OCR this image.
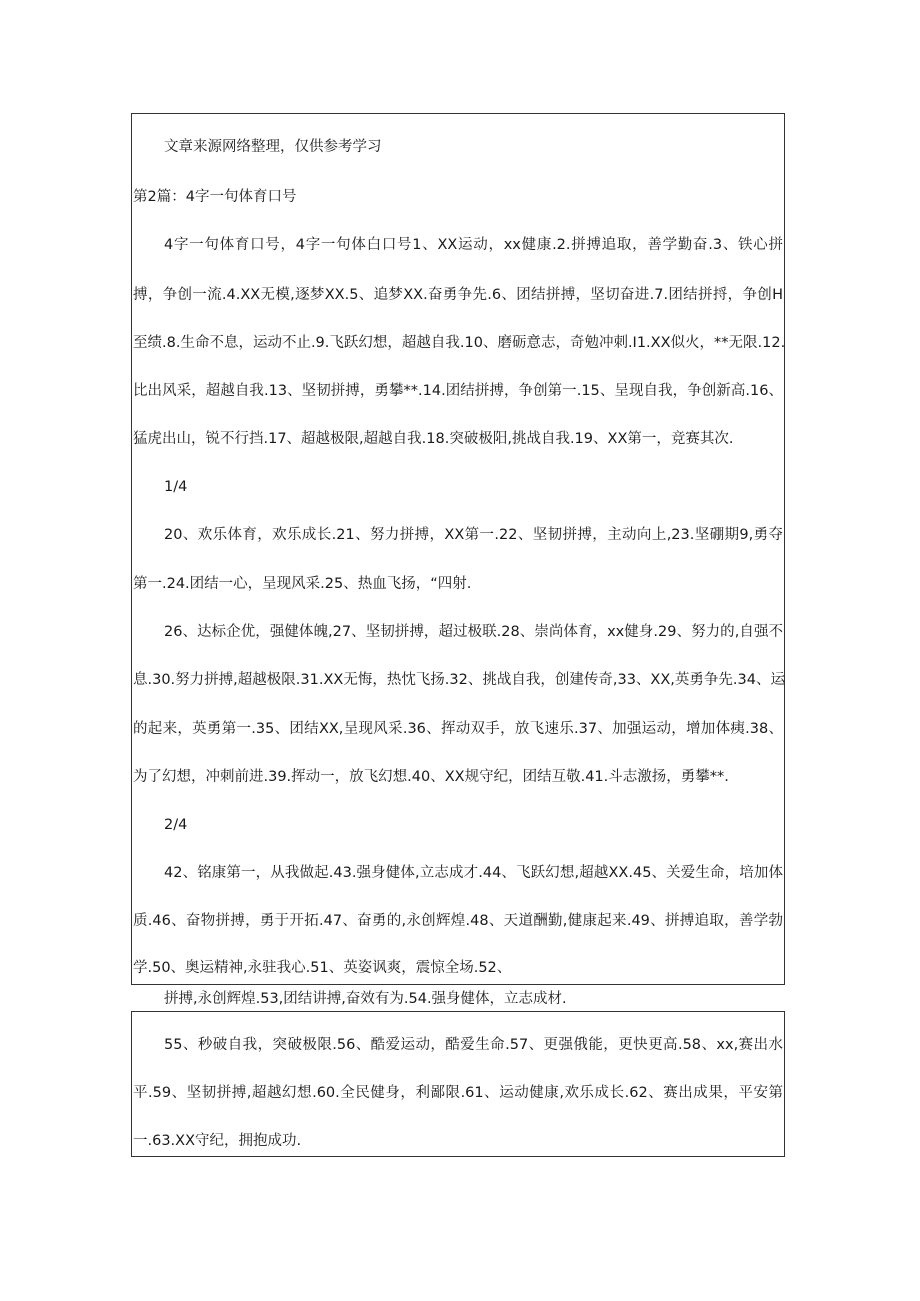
文章来源网络整理，仅供参考学习
第2篇：4字一句体育口号
4字一句体育口号，4字一句体白口号1、XX运动，xx健康.2.拼搏追取，善学勤奋.3、铁心拼
搏，争创一流.4.XX无模,逐梦XX.5、追梦XX.奋勇争先.6、团结拼搏，坚切奋进.7.团结拼捋，争创H
至绩.8.生命不息，运动不止.9.飞跃幻想，超越自我.10、磨砺意志，奇勉冲刺.I1.XX似火，**无限.12.
比出风采，超越自我.13、坚韧拼搏，勇攀**.14.团结拼搏，争创第一.15、呈现自我，争创新高.16、
猛虎出山，锐不行挡.17、超越极限,超越自我.18.突破极阳,挑战自我.19、XX第一，竞赛其次.
1/4
20、欢乐体育，欢乐成长.21、努力拼搏，XX第一.22、坚韧拼搏，主动向上,23.坚硼期9,勇夺
第一.24.团结一心，呈现风采.25、热血飞扬，“四射.
26、达标企优，强健体魄,27、坚韧拼搏，超过极联.28、崇尚体育，xx健身.29、努力的,自强不
息.30.努力拼搏,超越极限.31.XX无悔，热忱飞扬.32、挑战自我，创建传奇,33、XX,英勇争先.34、运
的起来，英勇第一.35、团结XX,呈现风采.36、挥动双手，放飞速乐.37、加强运动，增加体痍.38、
为了幻想，冲刺前进.39.挥动一，放飞幻想.40、XX规守纪，团结互敬.41.斗志激扬，勇攀**.
2/4
42、铭康第一，从我做起.43.强身健体,立志成才.44、飞跃幻想,超越XX.45、关爱生命，培加体
质.46、奋物拼搏，勇于开拓.47、奋勇的,永创辉煌.48、天道酬勤,健康起来.49、拼搏追取，善学勃
学.50、奥运精神,永驻我心.51、英姿讽爽，震惊全场.52、
拼搏,永创辉煌.53,团结讲搏,奋效有为.54.强身健体，立志成材.
55、秒破自我，突破极限.56、酷爱运动，酷爱生命.57、更强俄能，更快更高.58、xx,赛出水
平.59、坚韧拼搏,超越幻想.60.全民健身，利鄙限.61、运动健康,欢乐成长.62、赛出成果，平安第
一.63.XX守纪，拥抱成功.
